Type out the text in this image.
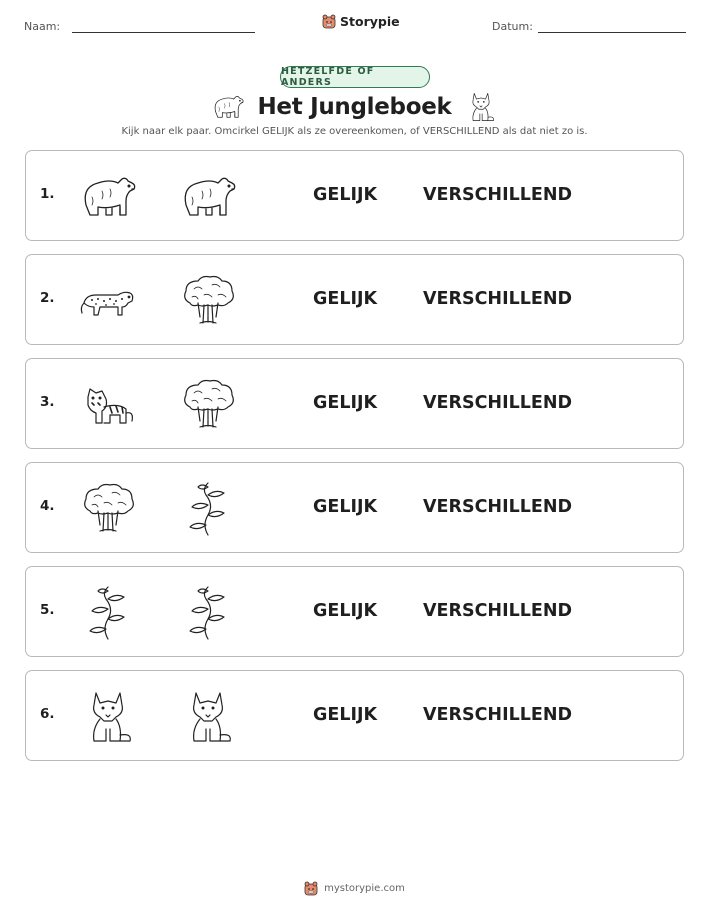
Naam:	Storypie	Datum:
HETZELFDE OF ANDERS
Het Jungleboek
Kijk naar elk paar. Omcirkel GELIJK als ze overeenkomen, of VERSCHILLEND als dat niet zo is.
1.	GELIJK	VERSCHILLEND
2.	GELIJK	VERSCHILLEND
3.	GELIJK	VERSCHILLEND
4.	GELIJK	VERSCHILLEND
5.	GELIJK	VERSCHILLEND
6.	GELIJK	VERSCHILLEND
mystorypie.com
